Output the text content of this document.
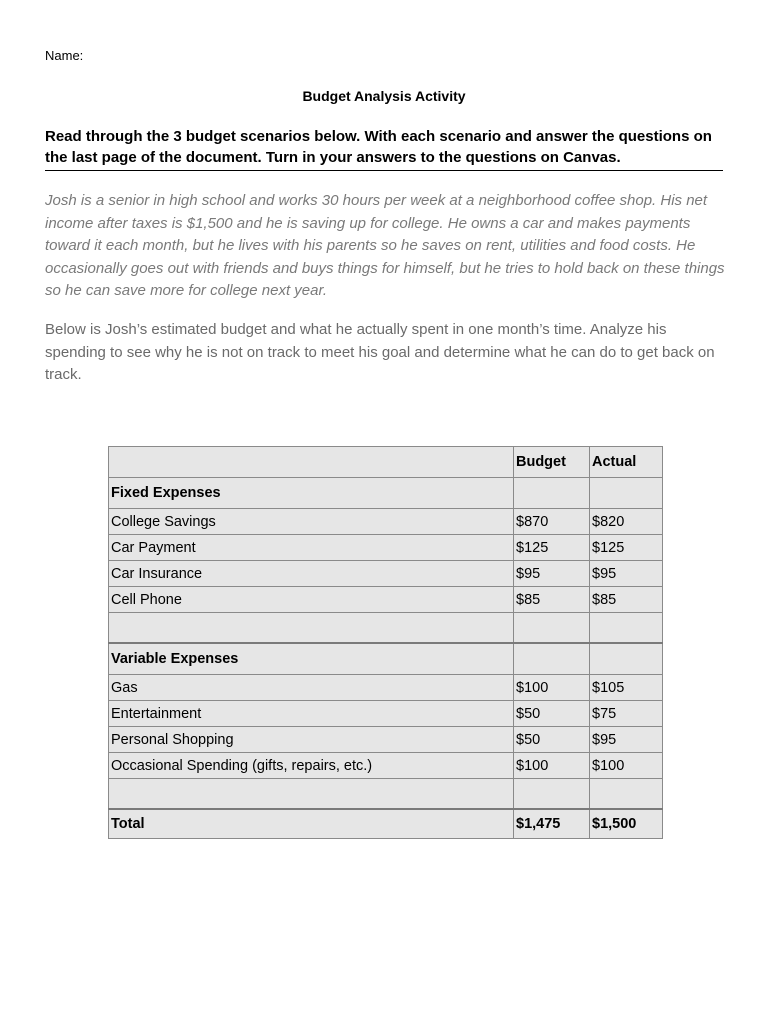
Name:
Budget Analysis Activity
Read through the 3 budget scenarios below. With each scenario and answer the questions on the last page of the document. Turn in your answers to the questions on Canvas.
Josh is a senior in high school and works 30 hours per week at a neighborhood coffee shop. His net income after taxes is $1,500 and he is saving up for college. He owns a car and makes payments toward it each month, but he lives with his parents so he saves on rent, utilities and food costs. He occasionally goes out with friends and buys things for himself, but he tries to hold back on these things so he can save more for college next year.
Below is Josh’s estimated budget and what he actually spent in one month’s time. Analyze his spending to see why he is not on track to meet his goal and determine what he can do to get back on track.
	Budget	Actual
Fixed Expenses		
College Savings	$870	$820
Car Payment	$125	$125
Car Insurance	$95	$95
Cell Phone	$85	$85

Variable Expenses		
Gas	$100	$105
Entertainment	$50	$75
Personal Shopping	$50	$95
Occasional Spending (gifts, repairs, etc.)	$100	$100

Total	$1,475	$1,500
